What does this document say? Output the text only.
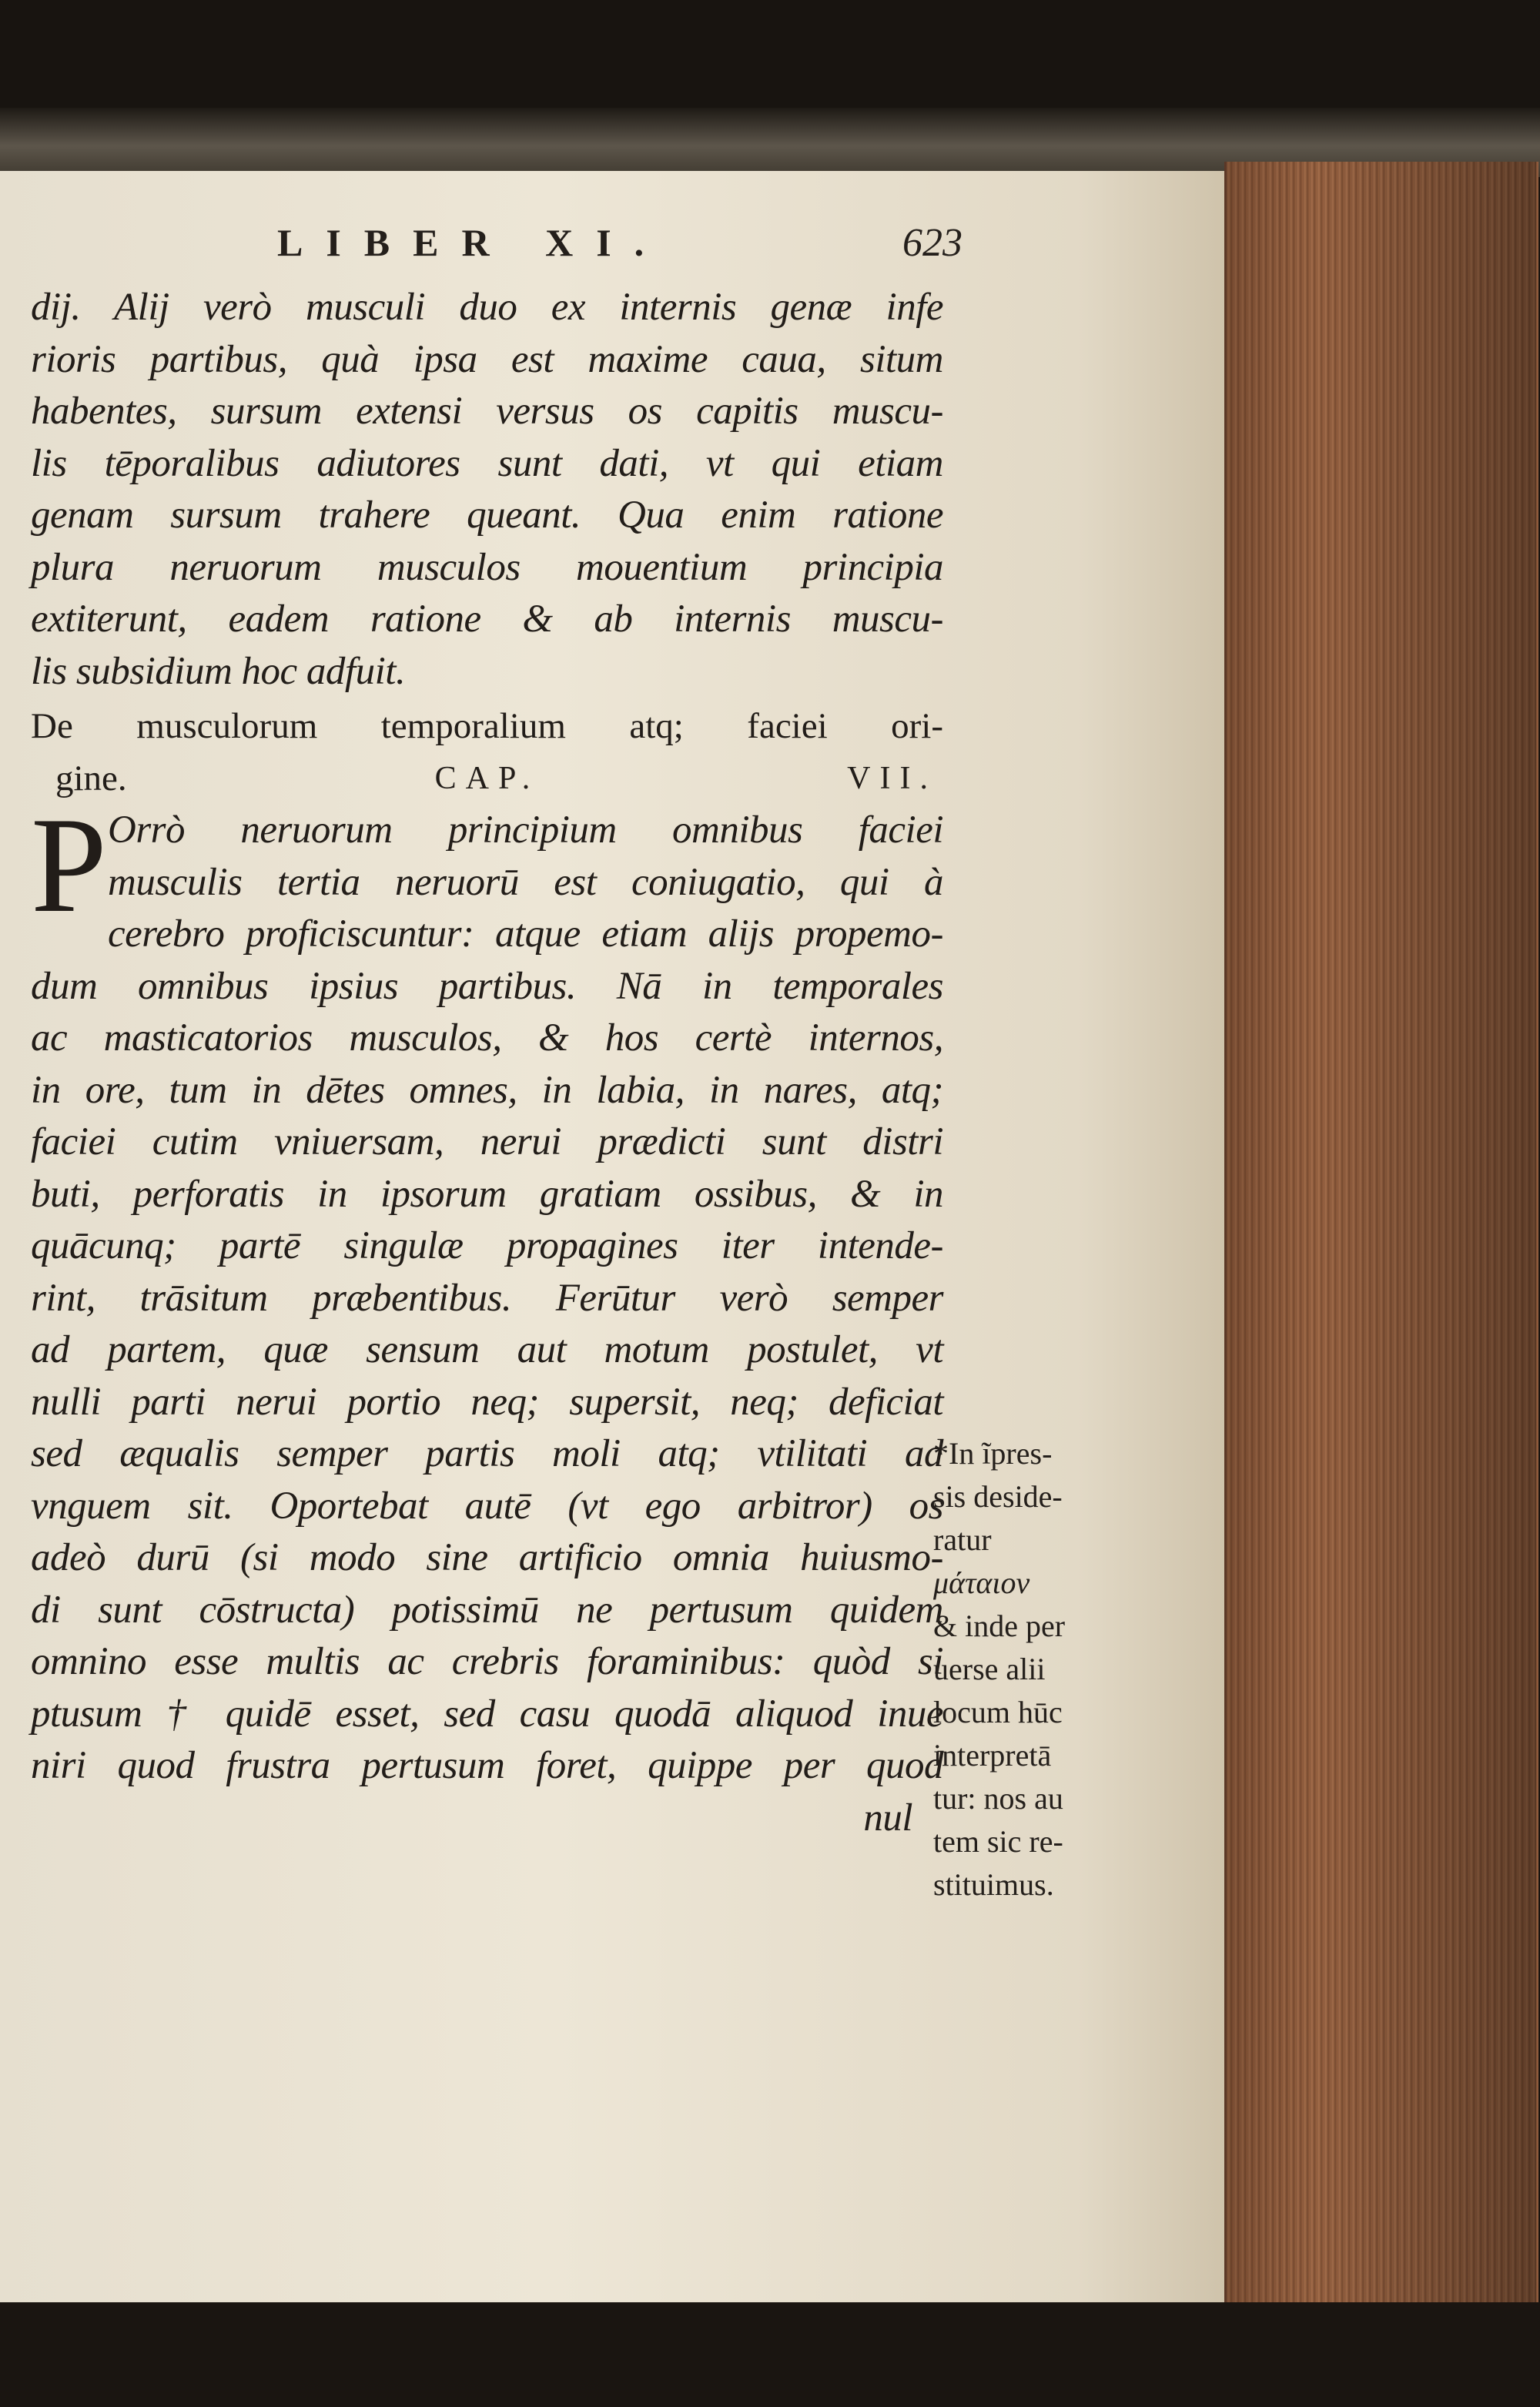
LIBER XI.	623
dij. Alij verò musculi duo ex internis genæ infe
rioris partibus, quà ipsa est maxime caua, situm
habentes, sursum extensi versus os capitis muscu-
lis tēporalibus adiutores sunt dati, vt qui etiam
genam sursum trahere queant. Qua enim ratione
plura neruorum musculos mouentium principia
extiterunt, eadem ratione & ab internis muscu-
lis subsidium hoc adfuit.
De musculorum temporalium atq; faciei ori-
gine.	CAP.	VII.
P Orrò neruorum principium omnibus faciei
musculis tertia neruorū est coniugatio, qui à
cerebro proficiscuntur: atque etiam alijs propemo-
dum omnibus ipsius partibus. Nā in temporales
ac masticatorios musculos, & hos certè internos,
in ore, tum in dētes omnes, in labia, in nares, atq;
faciei cutim vniuersam, nerui prædicti sunt distri
buti, perforatis in ipsorum gratiam ossibus, & in
quācunq; partē singulæ propagines iter intende-
rint, trāsitum præbentibus. Ferūtur verò semper
ad partem, quæ sensum aut motum postulet, vt
nulli parti nerui portio neq; supersit, neq; deficiat
sed æqualis semper partis moli atq; vtilitati ad
vnguem sit. Oportebat autē (vt ego arbitror) os
adeò durū (si modo sine artificio omnia huiusmo-
di sunt cōstructa) potissimū ne pertusum quidem
omnino esse multis ac crebris foraminibus: quòd si
ptusum † quidē esset, sed casu quodā aliquod inue
niri quod frustra pertusum foret, quippe per quod
nul
*In ĩpres-
sis deside-
ratur
μάταιον
& inde per
uerse alii
locum hūc
interpretā
tur: nos au
tem sic re-
stituimus.
